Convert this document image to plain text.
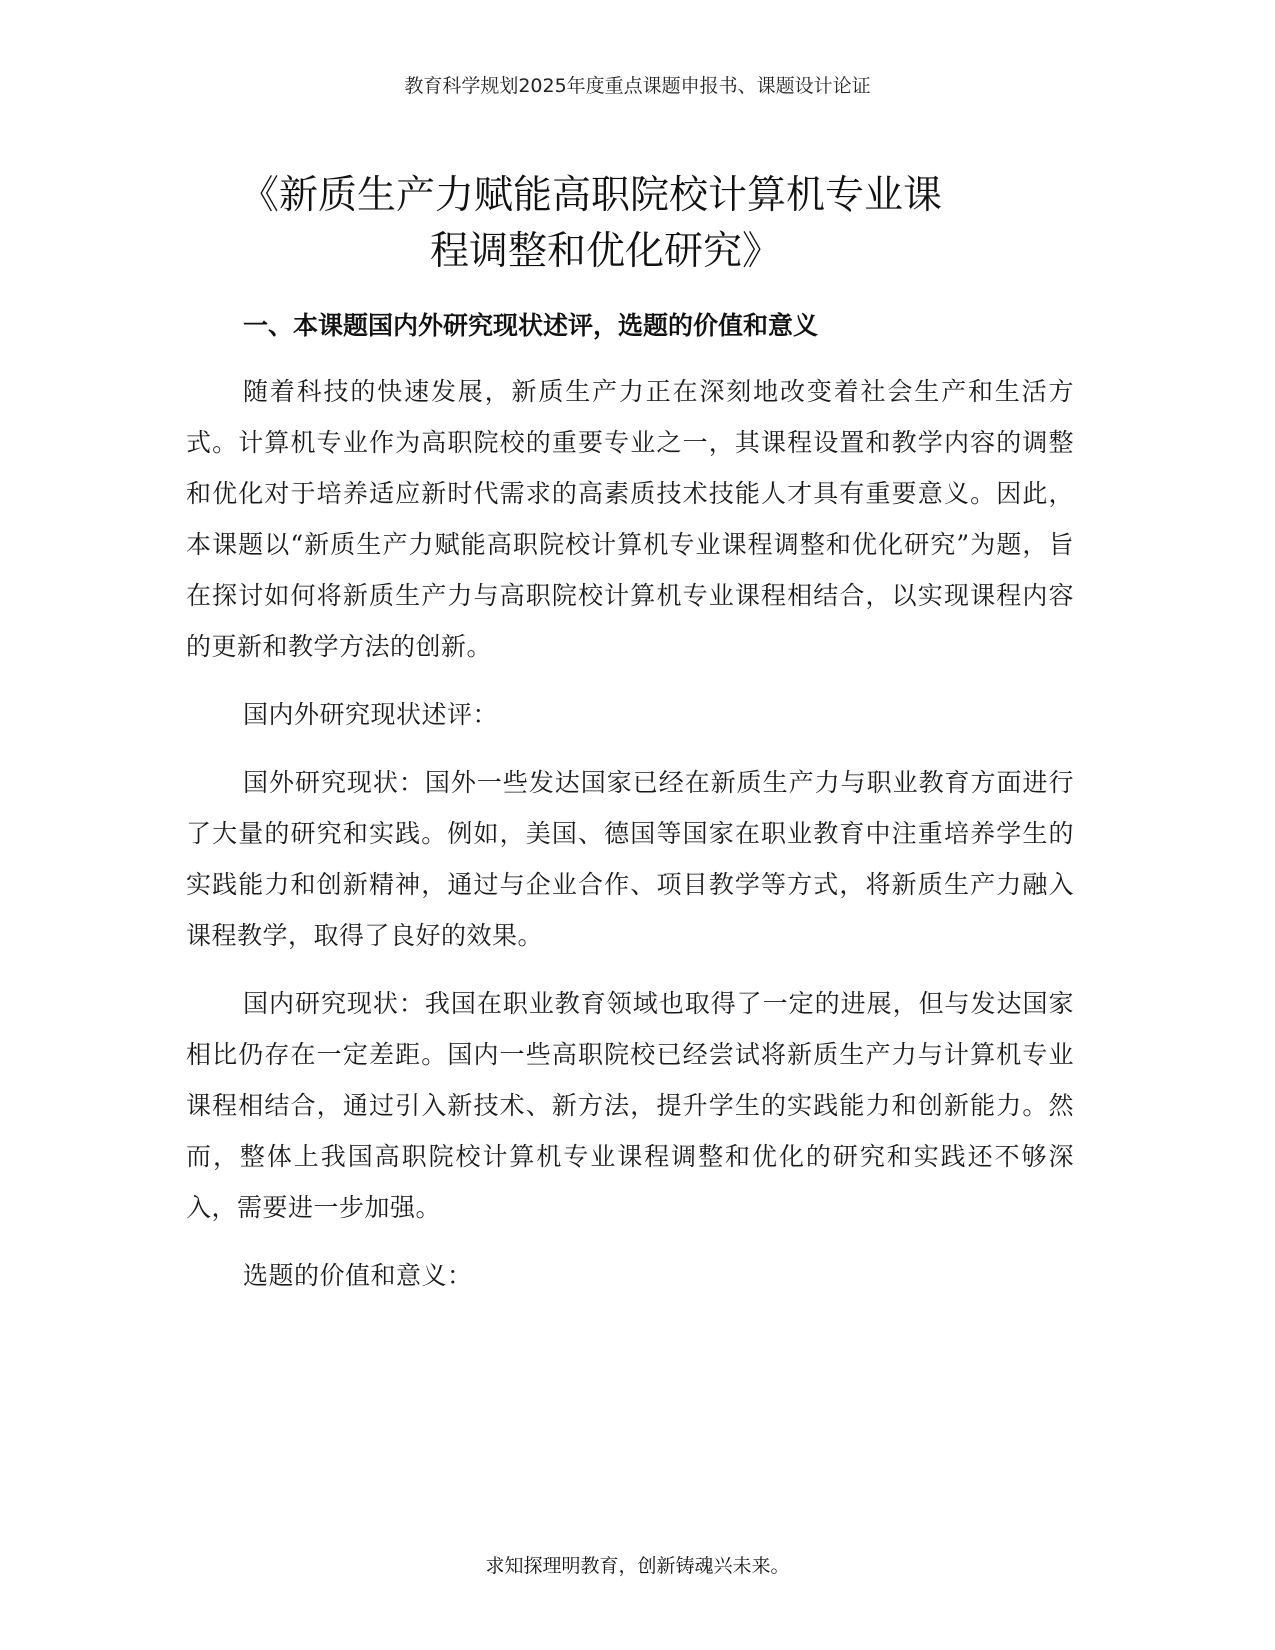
教育科学规划2025年度重点课题申报书、课题设计论证
《新质生产力赋能高职院校计算机专业课
程调整和优化研究》
一、本课题国内外研究现状述评，选题的价值和意义

随着科技的快速发展，新质生产力正在深刻地改变着社会生产和生活方式。计算机专业作为高职院校的重要专业之一，其课程设置和教学内容的调整和优化对于培养适应新时代需求的高素质技术技能人才具有重要意义。因此，本课题以“新质生产力赋能高职院校计算机专业课程调整和优化研究”为题，旨在探讨如何将新质生产力与高职院校计算机专业课程相结合，以实现课程内容的更新和教学方法的创新。

国内外研究现状述评：

国外研究现状：国外一些发达国家已经在新质生产力与职业教育方面进行了大量的研究和实践。例如，美国、德国等国家在职业教育中注重培养学生的实践能力和创新精神，通过与企业合作、项目教学等方式，将新质生产力融入课程教学，取得了良好的效果。

国内研究现状：我国在职业教育领域也取得了一定的进展，但与发达国家相比仍存在一定差距。国内一些高职院校已经尝试将新质生产力与计算机专业课程相结合，通过引入新技术、新方法，提升学生的实践能力和创新能力。然而，整体上我国高职院校计算机专业课程调整和优化的研究和实践还不够深入，需要进一步加强。

选题的价值和意义：

求知探理明教育，创新铸魂兴未来。
